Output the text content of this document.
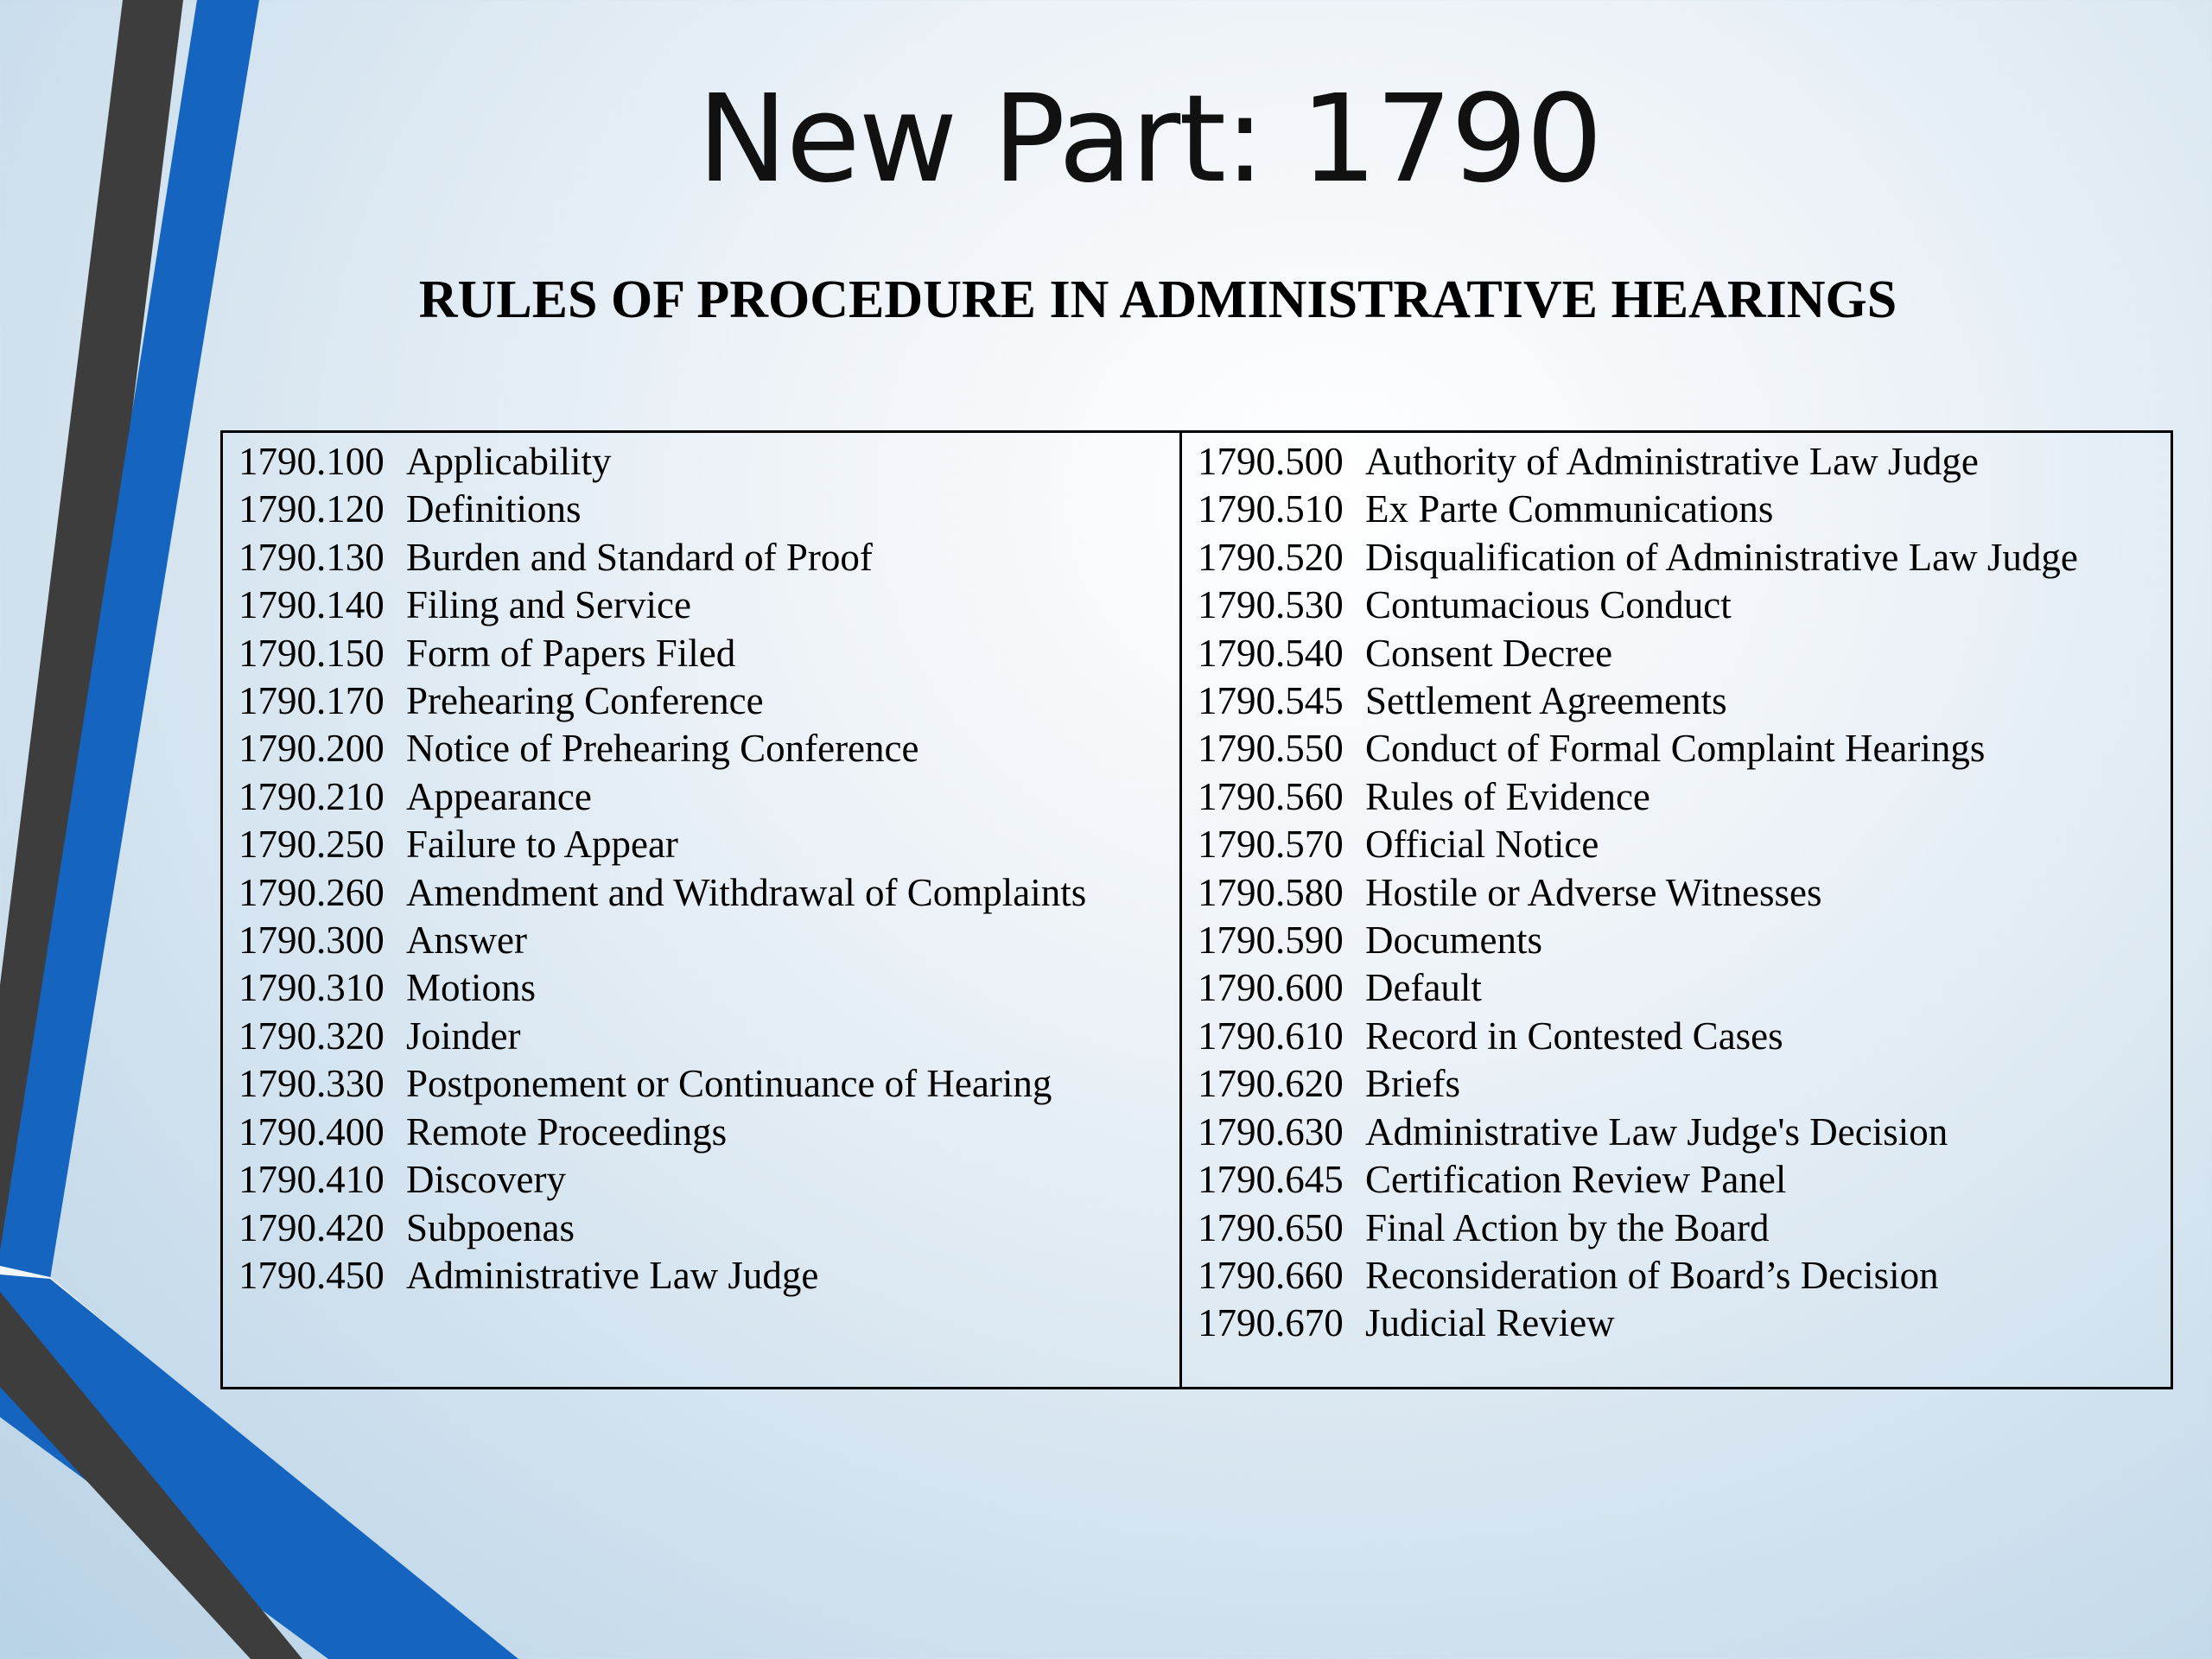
New Part: 1790
RULES OF PROCEDURE IN ADMINISTRATIVE HEARINGS
1790.100 Applicability
1790.120 Definitions
1790.130 Burden and Standard of Proof
1790.140 Filing and Service
1790.150 Form of Papers Filed
1790.170 Prehearing Conference
1790.200 Notice of Prehearing Conference
1790.210 Appearance
1790.250 Failure to Appear
1790.260 Amendment and Withdrawal of Complaints
1790.300 Answer
1790.310 Motions
1790.320 Joinder
1790.330 Postponement or Continuance of Hearing
1790.400 Remote Proceedings
1790.410 Discovery
1790.420 Subpoenas
1790.450 Administrative Law Judge
1790.500 Authority of Administrative Law Judge
1790.510 Ex Parte Communications
1790.520 Disqualification of Administrative Law Judge
1790.530 Contumacious Conduct
1790.540 Consent Decree
1790.545 Settlement Agreements
1790.550 Conduct of Formal Complaint Hearings
1790.560 Rules of Evidence
1790.570 Official Notice
1790.580 Hostile or Adverse Witnesses
1790.590 Documents
1790.600 Default
1790.610 Record in Contested Cases
1790.620 Briefs
1790.630 Administrative Law Judge's Decision
1790.645 Certification Review Panel
1790.650 Final Action by the Board
1790.660 Reconsideration of Board’s Decision
1790.670 Judicial Review
